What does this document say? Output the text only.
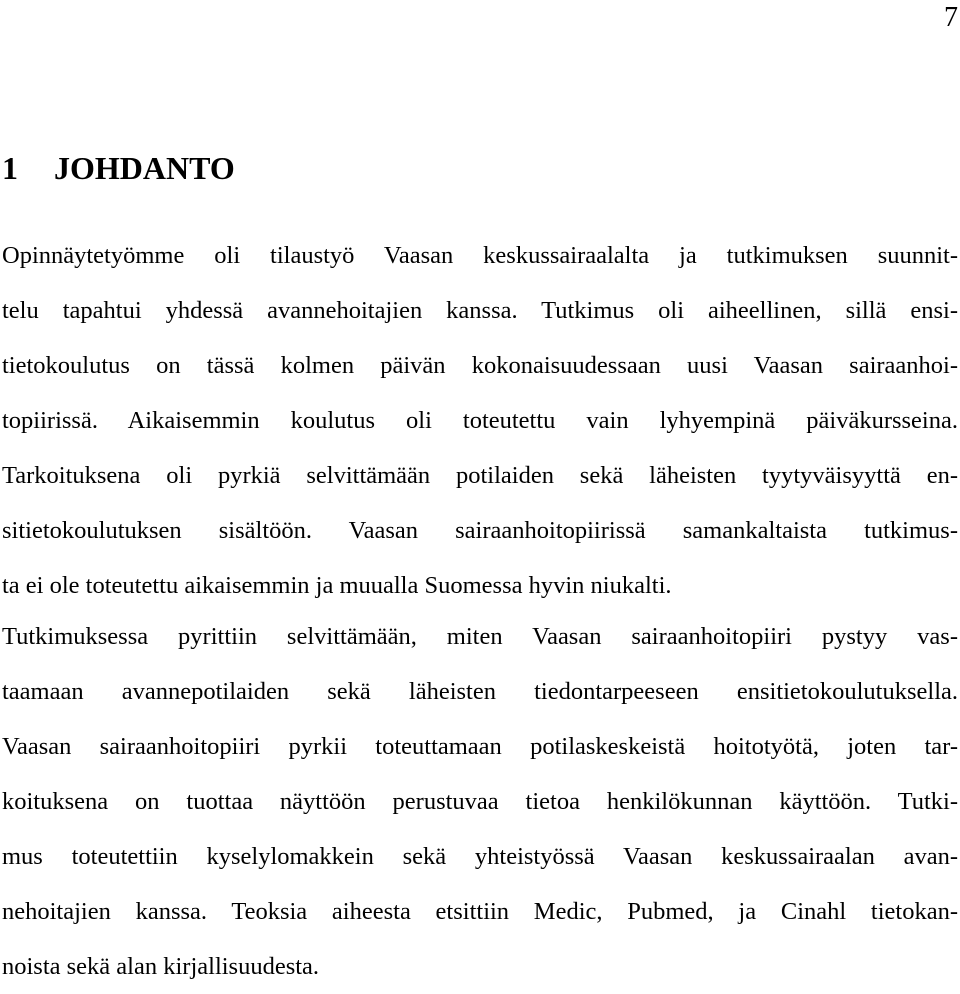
7
1 JOHDANTO
Opinnäytetyömme oli tilaustyö Vaasan keskussairaalalta ja tutkimuksen suunnit-
telu tapahtui yhdessä avannehoitajien kanssa. Tutkimus oli aiheellinen, sillä ensi-
tietokoulutus on tässä kolmen päivän kokonaisuudessaan uusi Vaasan sairaanhoi-
topiirissä. Aikaisemmin koulutus oli toteutettu vain lyhyempinä päiväkursseina.
Tarkoituksena oli pyrkiä selvittämään potilaiden sekä läheisten tyytyväisyyttä en-
sitietokoulutuksen sisältöön. Vaasan sairaanhoitopiirissä samankaltaista tutkimus-
ta ei ole toteutettu aikaisemmin ja muualla Suomessa hyvin niukalti.
Tutkimuksessa pyrittiin selvittämään, miten Vaasan sairaanhoitopiiri pystyy vas-
taamaan avannepotilaiden sekä läheisten tiedontarpeeseen ensitietokoulutuksella.
Vaasan sairaanhoitopiiri pyrkii toteuttamaan potilaskeskeistä hoitotyötä, joten tar-
koituksena on tuottaa näyttöön perustuvaa tietoa henkilökunnan käyttöön. Tutki-
mus toteutettiin kyselylomakkein sekä yhteistyössä Vaasan keskussairaalan avan-
nehoitajien kanssa. Teoksia aiheesta etsittiin Medic, Pubmed, ja Cinahl tietokan-
noista sekä alan kirjallisuudesta.
